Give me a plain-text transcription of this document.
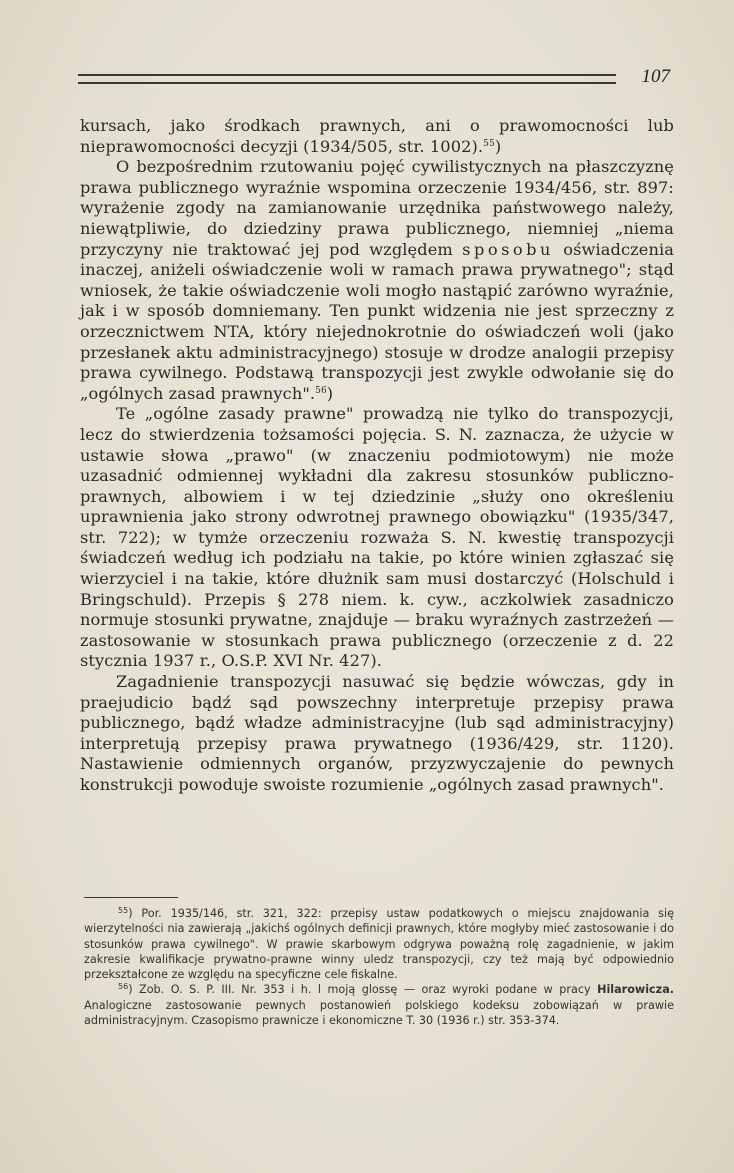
107

kursach, jako środkach prawnych, ani o prawomocności lub nieprawomocności decyzji (1934/505, str. 1002).$^{55}$)

O bezpośrednim rzutowaniu pojęć cywilistycznych na płaszczyznę prawa publicznego wyraźnie wspomina orzeczenie 1934/456, str. 897: wyrażenie zgody na zamianowanie urzędnika państwowego należy, niewątpliwie, do dziedziny prawa publicznego, niemniej „niema przyczyny nie traktować jej pod względem sposobu oświadczenia inaczej, aniżeli oświadczenie woli w ramach prawa prywatnego"; stąd wniosek, że takie oświadczenie woli mogło nastąpić zarówno wyraźnie, jak i w sposób domniemany. Ten punkt widzenia nie jest sprzeczny z orzecznictwem NTA, który niejednokrotnie do oświadczeń woli (jako przesłanek aktu administracyjnego) stosuje w drodze analogii przepisy prawa cywilnego. Podstawą transpozycji jest zwykle odwołanie się do „ogólnych zasad prawnych".$^{56}$)

Te „ogólne zasady prawne" prowadzą nie tylko do transpozycji, lecz do stwierdzenia tożsamości pojęcia. S. N. zaznacza, że użycie w ustawie słowa „prawo" (w znaczeniu podmiotowym) nie może uzasadnić odmiennej wykładni dla zakresu stosunków publiczno-prawnych, albowiem i w tej dziedzinie „służy ono określeniu uprawnienia jako strony odwrotnej prawnego obowiązku" (1935/347, str. 722); w tymże orzeczeniu rozważa S. N. kwestię transpozycji świadczeń według ich podziału na takie, po które winien zgłaszać się wierzyciel i na takie, które dłużnik sam musi dostarczyć (Holschuld i Bringschuld). Przepis § 278 niem. k. cyw., aczkolwiek zasadniczo normuje stosunki prywatne, znajduje — braku wyraźnych zastrzeżeń — zastosowanie w stosunkach prawa publicznego (orzeczenie z d. 22 stycznia 1937 r., O.S.P. XVI Nr. 427).

Zagadnienie transpozycji nasuwać się będzie wówczas, gdy in praejudicio bądź sąd powszechny interpretuje przepisy prawa publicznego, bądź władze administracyjne (lub sąd administracyjny) interpretują przepisy prawa prywatnego (1936/429, str. 1120). Nastawienie odmiennych organów, przyzwyczajenie do pewnych konstrukcji powoduje swoiste rozumienie „ogólnych zasad prawnych".

$^{55}$) Por. 1935/146, str. 321, 322: przepisy ustaw podatkowych o miejscu znajdowania się wierzytelności nia zawierają „jakichś ogólnych definicji prawnych, które mogłyby mieć zastosowanie i do stosunków prawa cywilnego". W prawie skarbowym odgrywa poważną rolę zagadnienie, w jakim zakresie kwalifikacje prywatno-prawne winny uledz transpozycji, czy też mają być odpowiednio przekształcone ze względu na specyficzne cele fiskalne.

$^{56}$) Zob. O. S. P. III. Nr. 353 i h. l moją glossę — oraz wyroki podane w pracy Hilarowicza. Analogiczne zastosowanie pewnych postanowień polskiego kodeksu zobowiązań w prawie administracyjnym. Czasopismo prawnicze i ekonomiczne T. 30 (1936 r.) str. 353-374.
